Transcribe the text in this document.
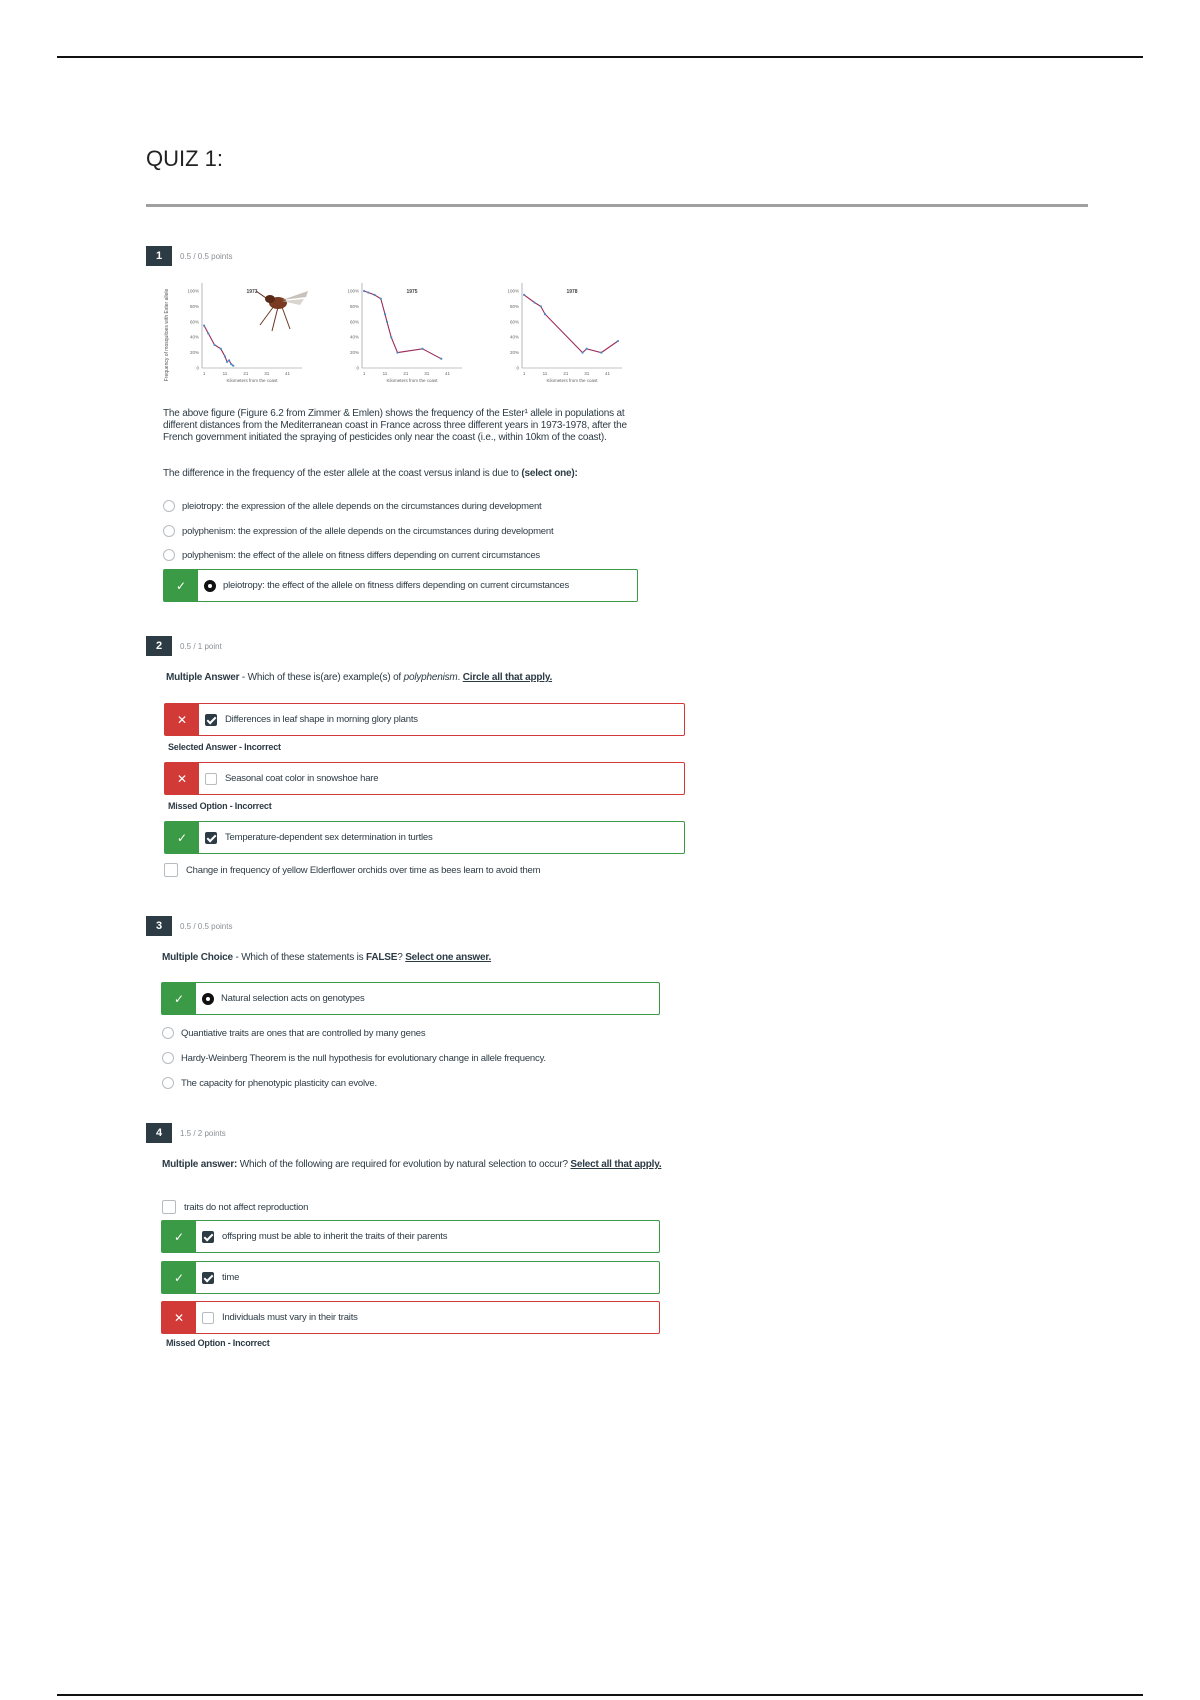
QUIZ 1:
1	0.5 / 0.5 points
Frequency of mosquitoes with Ester allele	0
20%
40%
60%
80%
100%
1	11	21	31	41
Kilometers from the coast
1973
0
20%
40%
60%
80%
100%
1	11	21	31	41
Kilometers from the coast
1975
0
20%
40%
60%
80%
100%
1	11	21	31	41
Kilometers from the coast
1978
The above figure (Figure 6.2 from Zimmer & Emlen) shows the frequency of the Ester¹ allele in populations at different distances from the Mediterranean coast in France across three different years in 1973-1978, after the French government initiated the spraying of pesticides only near the coast (i.e., within 10km of the coast).
The difference in the frequency of the ester allele at the coast versus inland is due to (select one):
pleiotropy: the expression of the allele depends on the circumstances during development
polyphenism: the expression of the allele depends on the circumstances during development
polyphenism: the effect of the allele on fitness differs depending on current circumstances
✓	pleiotropy: the effect of the allele on fitness differs depending on current circumstances
2	0.5 / 1 point
Multiple Answer - Which of these is(are) example(s) of polyphenism. Circle all that apply.
✕	Differences in leaf shape in morning glory plants
Selected Answer - Incorrect
✕	Seasonal coat color in snowshoe hare
Missed Option - Incorrect
✓	Temperature-dependent sex determination in turtles
Change in frequency of yellow Elderflower orchids over time as bees learn to avoid them
3	0.5 / 0.5 points
Multiple Choice - Which of these statements is FALSE? Select one answer.
✓	Natural selection acts on genotypes
Quantiative traits are ones that are controlled by many genes
Hardy-Weinberg Theorem is the null hypothesis for evolutionary change in allele frequency.
The capacity for phenotypic plasticity can evolve.
4	1.5 / 2 points
Multiple answer: Which of the following are required for evolution by natural selection to occur? Select all that apply.
traits do not affect reproduction
✓	offspring must be able to inherit the traits of their parents
✓	time
✕	Individuals must vary in their traits
Missed Option - Incorrect
